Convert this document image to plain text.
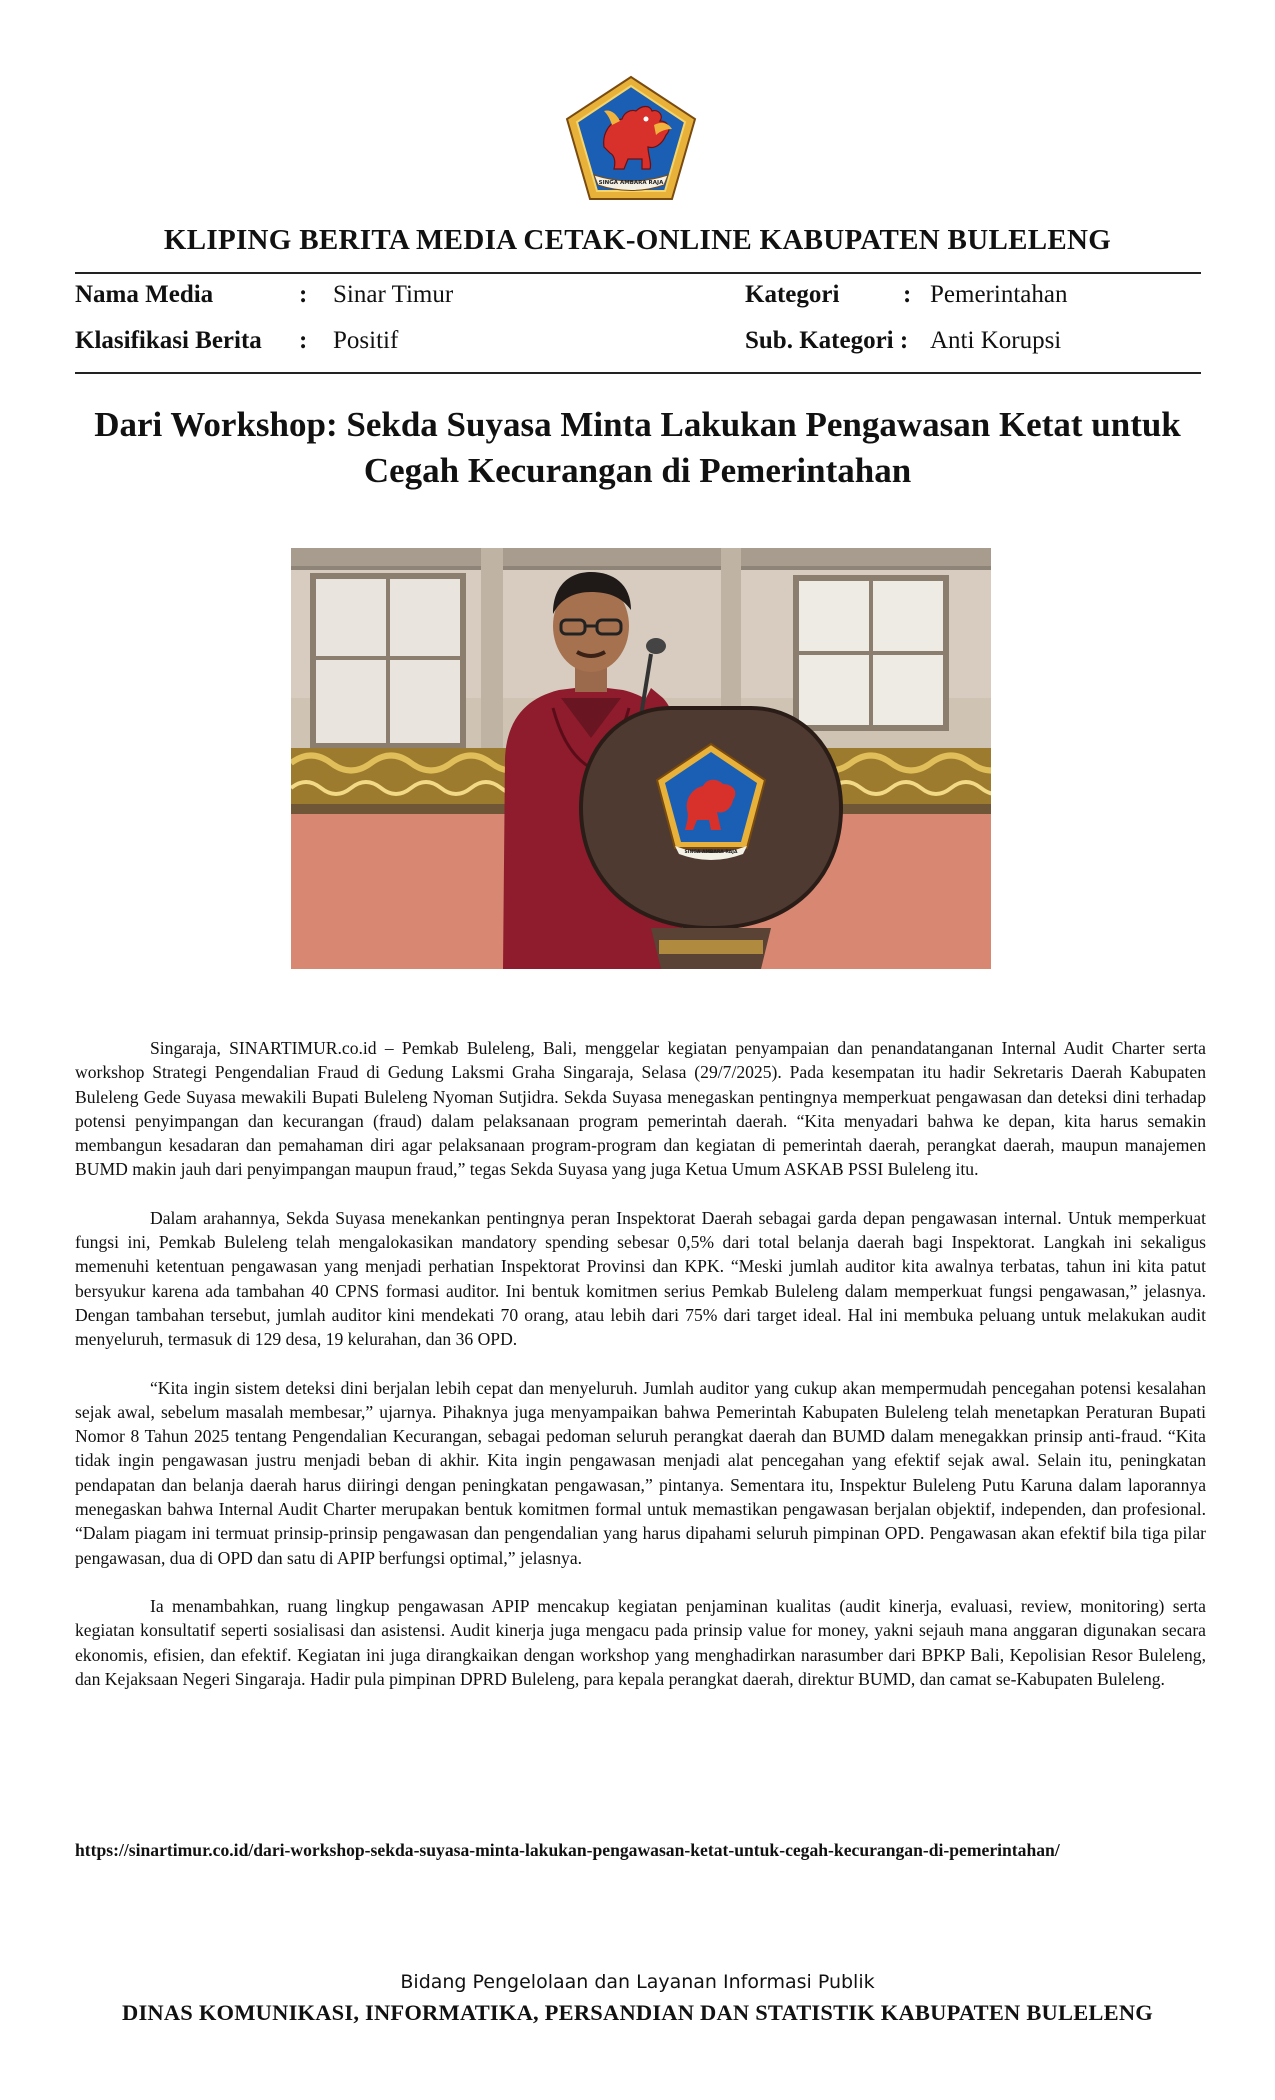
SINGA AMBARA RAJA
KLIPING BERITA MEDIA CETAK-ONLINE KABUPATEN BULELENG
Nama Media	: Sinar Timur	Kategori	: Pemerintahan
Klasifikasi Berita : Positif	Sub. Kategori : Anti Korupsi
Dari Workshop: Sekda Suyasa Minta Lakukan Pengawasan Ketat untuk Cegah Kecurangan di Pemerintahan
SINGA AMBARA RAJA

Singaraja, SINARTIMUR.co.id – Pemkab Buleleng, Bali, menggelar kegiatan penyampaian dan penandatanganan Internal Audit Charter serta workshop Strategi Pengendalian Fraud di Gedung Laksmi Graha Singaraja, Selasa (29/7/2025). Pada kesempatan itu hadir Sekretaris Daerah Kabupaten Buleleng Gede Suyasa mewakili Bupati Buleleng Nyoman Sutjidra. Sekda Suyasa menegaskan pentingnya memperkuat pengawasan dan deteksi dini terhadap potensi penyimpangan dan kecurangan (fraud) dalam pelaksanaan program pemerintah daerah. “Kita menyadari bahwa ke depan, kita harus semakin membangun kesadaran dan pemahaman diri agar pelaksanaan program-program dan kegiatan di pemerintah daerah, perangkat daerah, maupun manajemen BUMD makin jauh dari penyimpangan maupun fraud,” tegas Sekda Suyasa yang juga Ketua Umum ASKAB PSSI Buleleng itu.

Dalam arahannya, Sekda Suyasa menekankan pentingnya peran Inspektorat Daerah sebagai garda depan pengawasan internal. Untuk memperkuat fungsi ini, Pemkab Buleleng telah mengalokasikan mandatory spending sebesar 0,5% dari total belanja daerah bagi Inspektorat. Langkah ini sekaligus memenuhi ketentuan pengawasan yang menjadi perhatian Inspektorat Provinsi dan KPK. “Meski jumlah auditor kita awalnya terbatas, tahun ini kita patut bersyukur karena ada tambahan 40 CPNS formasi auditor. Ini bentuk komitmen serius Pemkab Buleleng dalam memperkuat fungsi pengawasan,” jelasnya. Dengan tambahan tersebut, jumlah auditor kini mendekati 70 orang, atau lebih dari 75% dari target ideal. Hal ini membuka peluang untuk melakukan audit menyeluruh, termasuk di 129 desa, 19 kelurahan, dan 36 OPD.

“Kita ingin sistem deteksi dini berjalan lebih cepat dan menyeluruh. Jumlah auditor yang cukup akan mempermudah pencegahan potensi kesalahan sejak awal, sebelum masalah membesar,” ujarnya. Pihaknya juga menyampaikan bahwa Pemerintah Kabupaten Buleleng telah menetapkan Peraturan Bupati Nomor 8 Tahun 2025 tentang Pengendalian Kecurangan, sebagai pedoman seluruh perangkat daerah dan BUMD dalam menegakkan prinsip anti-fraud. “Kita tidak ingin pengawasan justru menjadi beban di akhir. Kita ingin pengawasan menjadi alat pencegahan yang efektif sejak awal. Selain itu, peningkatan pendapatan dan belanja daerah harus diiringi dengan peningkatan pengawasan,” pintanya. Sementara itu, Inspektur Buleleng Putu Karuna dalam laporannya menegaskan bahwa Internal Audit Charter merupakan bentuk komitmen formal untuk memastikan pengawasan berjalan objektif, independen, dan profesional. “Dalam piagam ini termuat prinsip-prinsip pengawasan dan pengendalian yang harus dipahami seluruh pimpinan OPD. Pengawasan akan efektif bila tiga pilar pengawasan, dua di OPD dan satu di APIP berfungsi optimal,” jelasnya.

Ia menambahkan, ruang lingkup pengawasan APIP mencakup kegiatan penjaminan kualitas (audit kinerja, evaluasi, review, monitoring) serta kegiatan konsultatif seperti sosialisasi dan asistensi. Audit kinerja juga mengacu pada prinsip value for money, yakni sejauh mana anggaran digunakan secara ekonomis, efisien, dan efektif. Kegiatan ini juga dirangkaikan dengan workshop yang menghadirkan narasumber dari BPKP Bali, Kepolisian Resor Buleleng, dan Kejaksaan Negeri Singaraja. Hadir pula pimpinan DPRD Buleleng, para kepala perangkat daerah, direktur BUMD, dan camat se-Kabupaten Buleleng.

https://sinartimur.co.id/dari-workshop-sekda-suyasa-minta-lakukan-pengawasan-ketat-untuk-cegah-kecurangan-di-pemerintahan/
Bidang Pengelolaan dan Layanan Informasi Publik
DINAS KOMUNIKASI, INFORMATIKA, PERSANDIAN DAN STATISTIK KABUPATEN BULELENG
